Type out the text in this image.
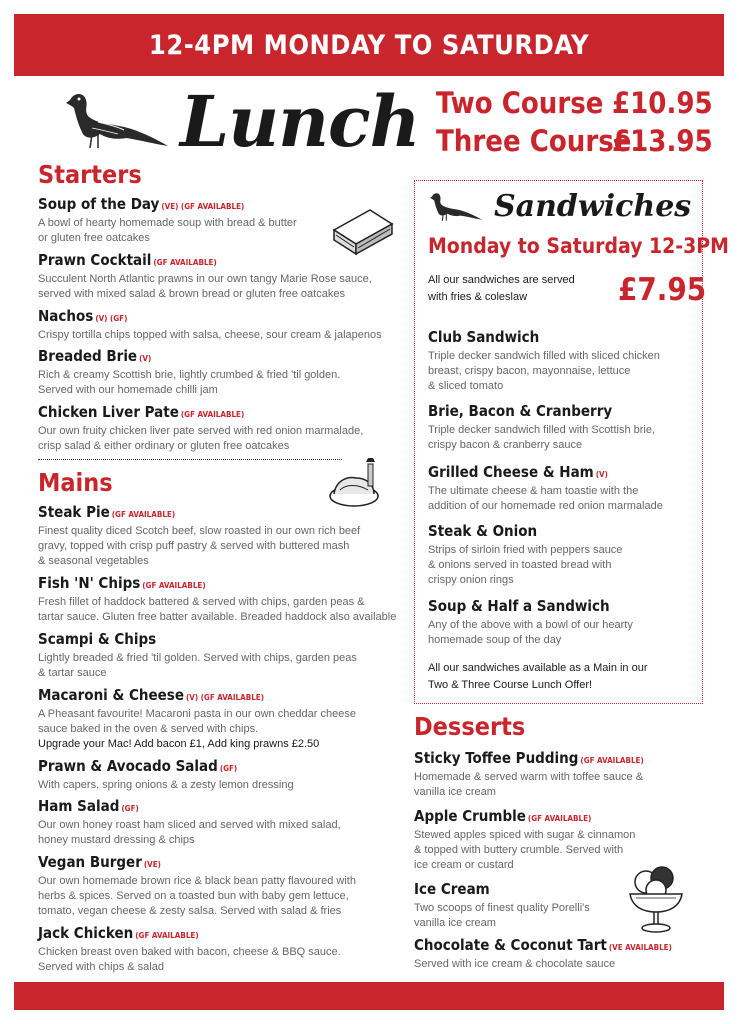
12-4PM MONDAY TO SATURDAY
Lunch Two Course £10.95
Three Course
£13.95
Starters
Soup of the Day (VE) (GF AVAILABLE)
A bowl of hearty homemade soup with bread & butter
or gluten free oatcakes
Prawn Cocktail (GF AVAILABLE)
Succulent North Atlantic prawns in our own tangy Marie Rose sauce,
served with mixed salad & brown bread or gluten free oatcakes
Nachos (V) (GF)
Crispy tortilla chips topped with salsa, cheese, sour cream & jalapenos
Breaded Brie (V)
Rich & creamy Scottish brie, lightly crumbed & fried 'til golden.
Served with our homemade chilli jam
Chicken Liver Pate (GF AVAILABLE)
Our own fruity chicken liver pate served with red onion marmalade,
crisp salad & either ordinary or gluten free oatcakes
Mains
Steak Pie (GF AVAILABLE)
Finest quality diced Scotch beef, slow roasted in our own rich beef
gravy, topped with crisp puff pastry & served with buttered mash
& seasonal vegetables
Fish 'N' Chips (GF AVAILABLE)
Fresh fillet of haddock battered & served with chips, garden peas &
tartar sauce. Gluten free batter available. Breaded haddock also available
Scampi & Chips
Lightly breaded & fried 'til golden. Served with chips, garden peas
& tartar sauce
Macaroni & Cheese (V) (GF AVAILABLE)
A Pheasant favourite! Macaroni pasta in our own cheddar cheese
sauce baked in the oven & served with chips.
Upgrade your Mac! Add bacon £1, Add king prawns £2.50
Prawn & Avocado Salad (GF)
With capers, spring onions & a zesty lemon dressing
Ham Salad (GF)
Our own honey roast ham sliced and served with mixed salad,
honey mustard dressing & chips
Vegan Burger (VE)
Our own homemade brown rice & black bean patty flavoured with
herbs & spices. Served on a toasted bun with baby gem lettuce,
tomato, vegan cheese & zesty salsa. Served with salad & fries
Jack Chicken (GF AVAILABLE)
Chicken breast oven baked with bacon, cheese & BBQ sauce.
Served with chips & salad
Sandwiches
Monday to Saturday 12-3PM
All our sandwiches are served
with fries & coleslaw	£7.95
Club Sandwich
Triple decker sandwich filled with sliced chicken
breast, crispy bacon, mayonnaise, lettuce
& sliced tomato
Brie, Bacon & Cranberry
Triple decker sandwich filled with Scottish brie,
crispy bacon & cranberry sauce
Grilled Cheese & Ham (V)
The ultimate cheese & ham toastie with the
addition of our homemade red onion marmalade
Steak & Onion
Strips of sirloin fried with peppers sauce
& onions served in toasted bread with
crispy onion rings
Soup & Half a Sandwich
Any of the above with a bowl of our hearty
homemade soup of the day
All our sandwiches available as a Main in our
Two & Three Course Lunch Offer!
Desserts
Sticky Toffee Pudding (GF AVAILABLE)
Homemade & served warm with toffee sauce &
vanilla ice cream
Apple Crumble (GF AVAILABLE)
Stewed apples spiced with sugar & cinnamon
& topped with buttery crumble. Served with
ice cream or custard
Ice Cream
Two scoops of finest quality Porelli's
vanilla ice cream
Chocolate & Coconut Tart (VE AVAILABLE)
Served with ice cream & chocolate sauce
